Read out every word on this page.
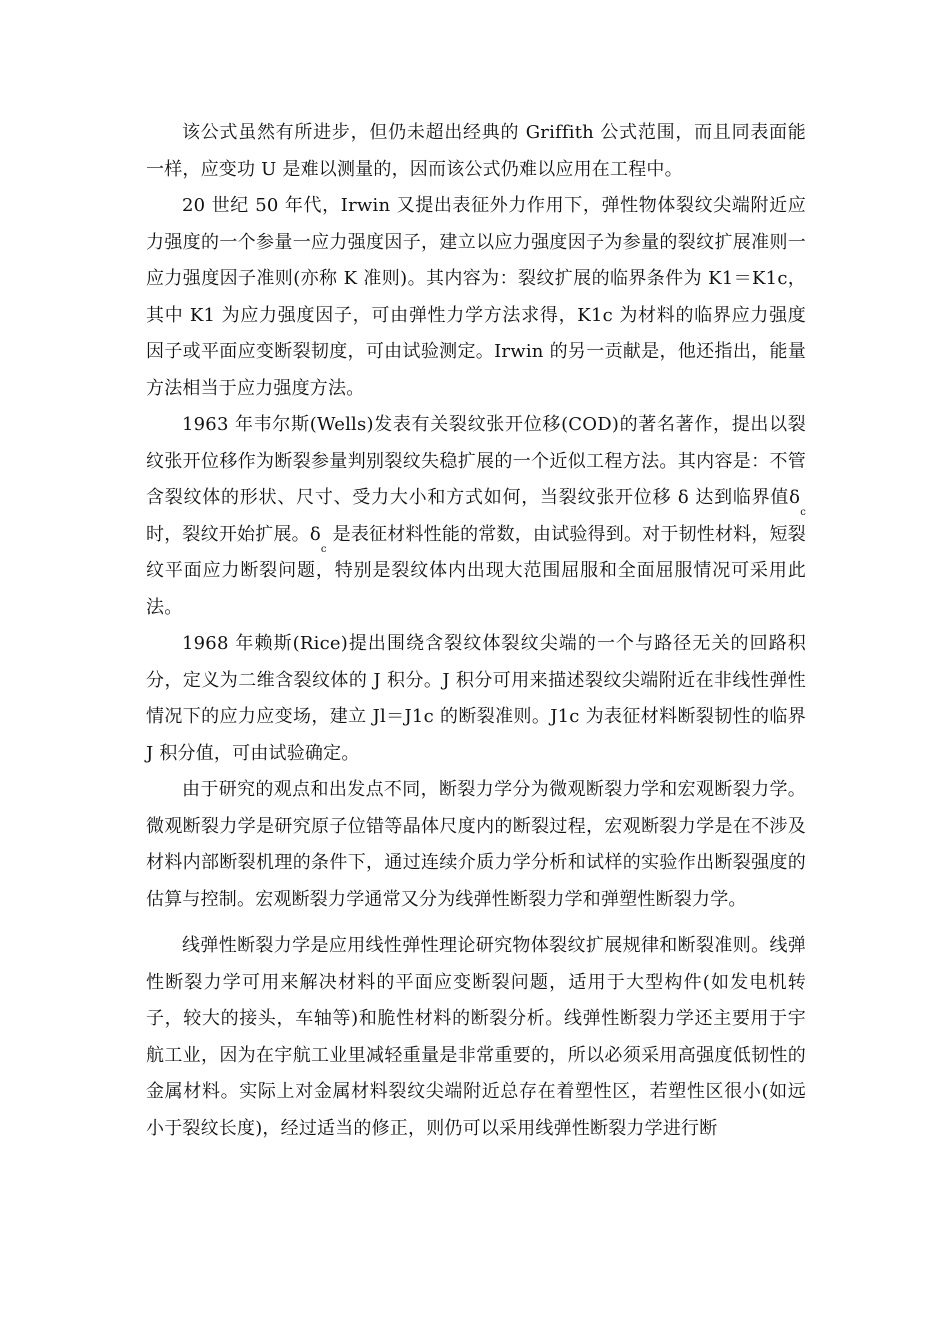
该公式虽然有所进步，但仍未超出经典的 Griffith 公式范围，而且同表面能一样，应变功 U 是难以测量的，因而该公式仍难以应用在工程中。

20 世纪 50 年代，Irwin 又提出表征外力作用下，弹性物体裂纹尖端附近应力强度的一个参量一应力强度因子，建立以应力强度因子为参量的裂纹扩展准则一应力强度因子准则(亦称 K 准则)。其内容为：裂纹扩展的临界条件为 K1＝K1c，其中 K1 为应力强度因子，可由弹性力学方法求得，K1c 为材料的临界应力强度因子或平面应变断裂韧度，可由试验测定。Irwin 的另一贡献是，他还指出，能量方法相当于应力强度方法。

1963 年韦尔斯(Wells)发表有关裂纹张开位移(COD)的著名著作，提出以裂纹张开位移作为断裂参量判别裂纹失稳扩展的一个近似工程方法。其内容是：不管含裂纹体的形状、尺寸、受力大小和方式如何，当裂纹张开位移 δ 达到临界值$\delta_c$时，裂纹开始扩展。$\delta_c$ 是表征材料性能的常数，由试验得到。对于韧性材料，短裂纹平面应力断裂问题，特别是裂纹体内出现大范围屈服和全面屈服情况可采用此法。

1968 年赖斯(Rice)提出围绕含裂纹体裂纹尖端的一个与路径无关的回路积分，定义为二维含裂纹体的 J 积分。J 积分可用来描述裂纹尖端附近在非线性弹性情况下的应力应变场，建立 Jl＝J1c 的断裂准则。J1c 为表征材料断裂韧性的临界 J 积分值，可由试验确定。

由于研究的观点和出发点不同，断裂力学分为微观断裂力学和宏观断裂力学。微观断裂力学是研究原子位错等晶体尺度内的断裂过程，宏观断裂力学是在不涉及材料内部断裂机理的条件下，通过连续介质力学分析和试样的实验作出断裂强度的估算与控制。宏观断裂力学通常又分为线弹性断裂力学和弹塑性断裂力学。

线弹性断裂力学是应用线性弹性理论研究物体裂纹扩展规律和断裂准则。线弹性断裂力学可用来解决材料的平面应变断裂问题，适用于大型构件(如发电机转子，较大的接头，车轴等)和脆性材料的断裂分析。线弹性断裂力学还主要用于宇航工业，因为在宇航工业里减轻重量是非常重要的，所以必须采用高强度低韧性的金属材料。实际上对金属材料裂纹尖端附近总存在着塑性区，若塑性区很小(如远小于裂纹长度)，经过适当的修正，则仍可以采用线弹性断裂力学进行断
